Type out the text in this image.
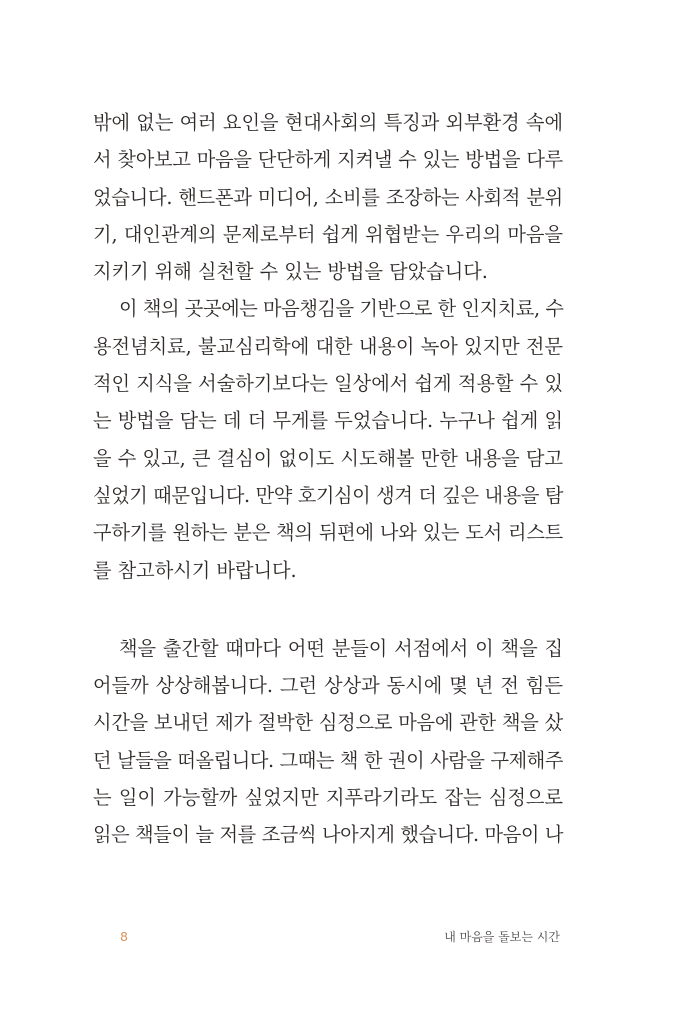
밖에 없는 여러 요인을 현대사회의 특징과 외부환경 속에
서 찾아보고 마음을 단단하게 지켜낼 수 있는 방법을 다루
었습니다. 핸드폰과 미디어, 소비를 조장하는 사회적 분위
기, 대인관계의 문제로부터 쉽게 위협받는 우리의 마음을
지키기 위해 실천할 수 있는 방법을 담았습니다.
이 책의 곳곳에는 마음챙김을 기반으로 한 인지치료, 수
용전념치료, 불교심리학에 대한 내용이 녹아 있지만 전문
적인 지식을 서술하기보다는 일상에서 쉽게 적용할 수 있
는 방법을 담는 데 더 무게를 두었습니다. 누구나 쉽게 읽
을 수 있고, 큰 결심이 없이도 시도해볼 만한 내용을 담고
싶었기 때문입니다. 만약 호기심이 생겨 더 깊은 내용을 탐
구하기를 원하는 분은 책의 뒤편에 나와 있는 도서 리스트
를 참고하시기 바랍니다.
책을 출간할 때마다 어떤 분들이 서점에서 이 책을 집
어들까 상상해봅니다. 그런 상상과 동시에 몇 년 전 힘든
시간을 보내던 제가 절박한 심정으로 마음에 관한 책을 샀
던 날들을 떠올립니다. 그때는 책 한 권이 사람을 구제해주
는 일이 가능할까 싶었지만 지푸라기라도 잡는 심정으로
읽은 책들이 늘 저를 조금씩 나아지게 했습니다. 마음이 나
8	내 마음을 돌보는 시간
